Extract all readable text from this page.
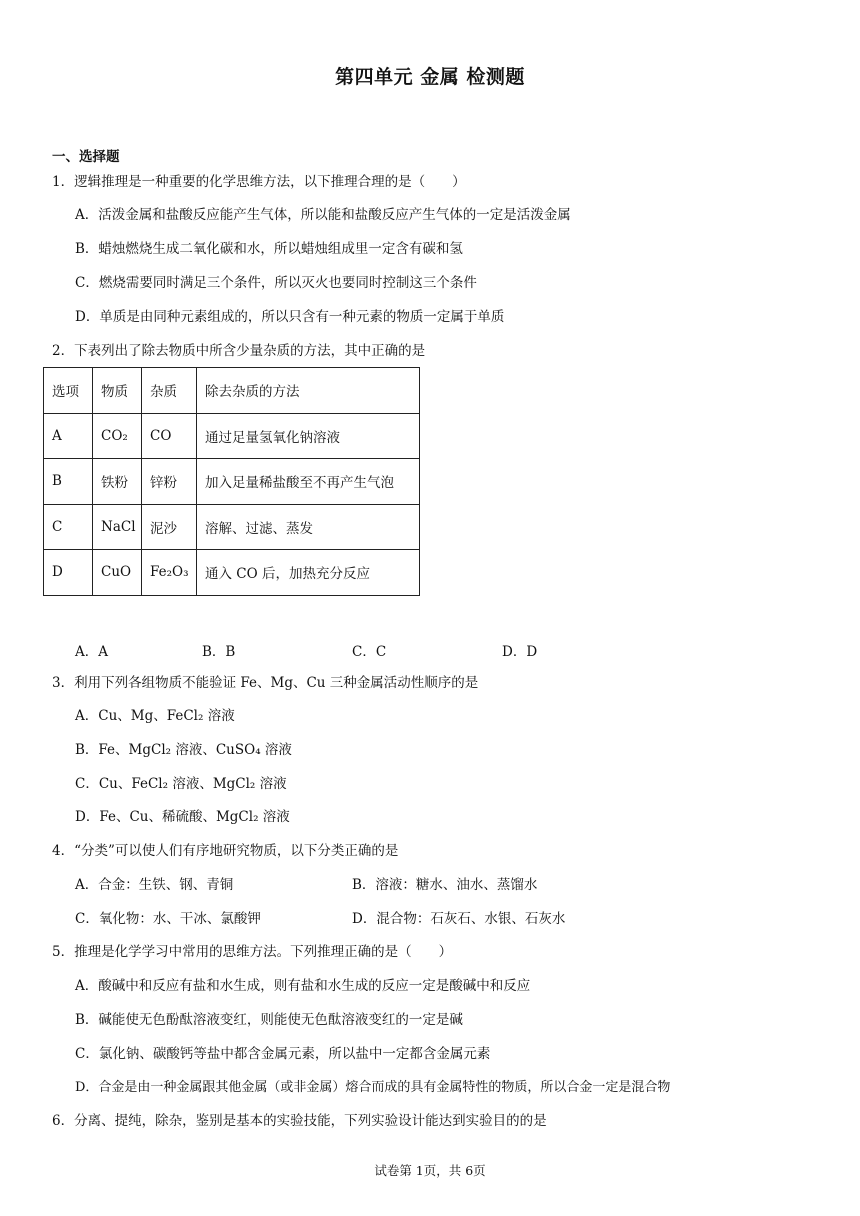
第四单元 金属 检测题
一、选择题
1．逻辑推理是一种重要的化学思维方法，以下推理合理的是（　　）
A．活泼金属和盐酸反应能产生气体，所以能和盐酸反应产生气体的一定是活泼金属
B．蜡烛燃烧生成二氧化碳和水，所以蜡烛组成里一定含有碳和氢
C．燃烧需要同时满足三个条件，所以灭火也要同时控制这三个条件
D．单质是由同种元素组成的，所以只含有一种元素的物质一定属于单质
2．下表列出了除去物质中所含少量杂质的方法，其中正确的是
选项	物质	杂质	除去杂质的方法
A	CO₂	CO	通过足量氢氧化钠溶液
B	铁粉	锌粉	加入足量稀盐酸至不再产生气泡
C	NaCl	泥沙	溶解、过滤、蒸发
D	CuO	Fe₂O₃	通入 CO 后，加热充分反应
A．A	B．B	C．C	D．D
3．利用下列各组物质不能验证 Fe、Mg、Cu 三种金属活动性顺序的是
A．Cu、Mg、FeCl₂ 溶液
B．Fe、MgCl₂ 溶液、CuSO₄ 溶液
C．Cu、FeCl₂ 溶液、MgCl₂ 溶液
D．Fe、Cu、稀硫酸、MgCl₂ 溶液
4．“分类”可以使人们有序地研究物质，以下分类正确的是
A．合金：生铁、钢、青铜	B．溶液：糖水、油水、蒸馏水
C．氧化物：水、干冰、氯酸钾	D．混合物：石灰石、水银、石灰水
5．推理是化学学习中常用的思维方法。下列推理正确的是（　　）
A．酸碱中和反应有盐和水生成，则有盐和水生成的反应一定是酸碱中和反应
B．碱能使无色酚酞溶液变红，则能使无色酞溶液变红的一定是碱
C．氯化钠、碳酸钙等盐中都含金属元素，所以盐中一定都含金属元素
D．合金是由一种金属跟其他金属（或非金属）熔合而成的具有金属特性的物质，所以合金一定是混合物
6．分离、提纯，除杂，鉴别是基本的实验技能，下列实验设计能达到实验目的的是
试卷第 1页，共 6页
